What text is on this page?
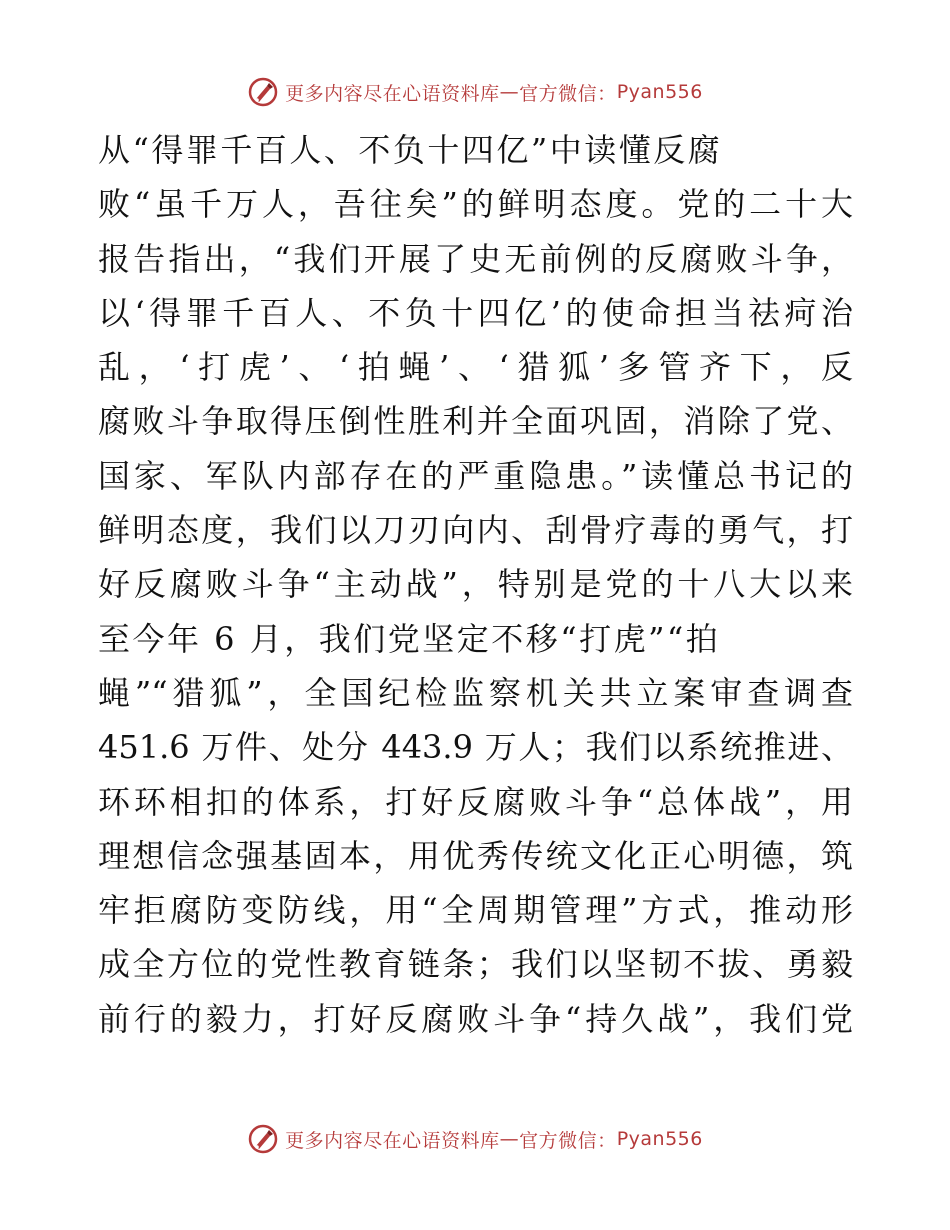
更多内容尽在心语资料库 — 官方微信： Pyan556
从“得罪千百人、不负十四亿”中读懂反腐
败“虽千万人，吾往矣”的鲜明态度。党的二十大
报告指出，“我们开展了史无前例的反腐败斗争，
以‘得罪千百人、不负十四亿’的使命担当祛疴治
乱，‘打虎’、‘拍蝇’、‘猎狐’多管齐下，反
腐败斗争取得压倒性胜利并全面巩固，消除了党、
国家、军队内部存在的严重隐患。”读懂总书记的
鲜明态度，我们以刀刃向内、刮骨疗毒的勇气，打
好反腐败斗争“主动战”，特别是党的十八大以来
至今年 6 月，我们党坚定不移“打虎”“拍
蝇”“猎狐”，全国纪检监察机关共立案审查调查
451.6 万件、处分 443.9 万人；我们以系统推进、
环环相扣的体系，打好反腐败斗争“总体战”，用
理想信念强基固本，用优秀传统文化正心明德，筑
牢拒腐防变防线，用“全周期管理”方式，推动形
成全方位的党性教育链条；我们以坚韧不拔、勇毅
前行的毅力，打好反腐败斗争“持久战”，我们党
更多内容尽在心语资料库 — 官方微信： Pyan556
